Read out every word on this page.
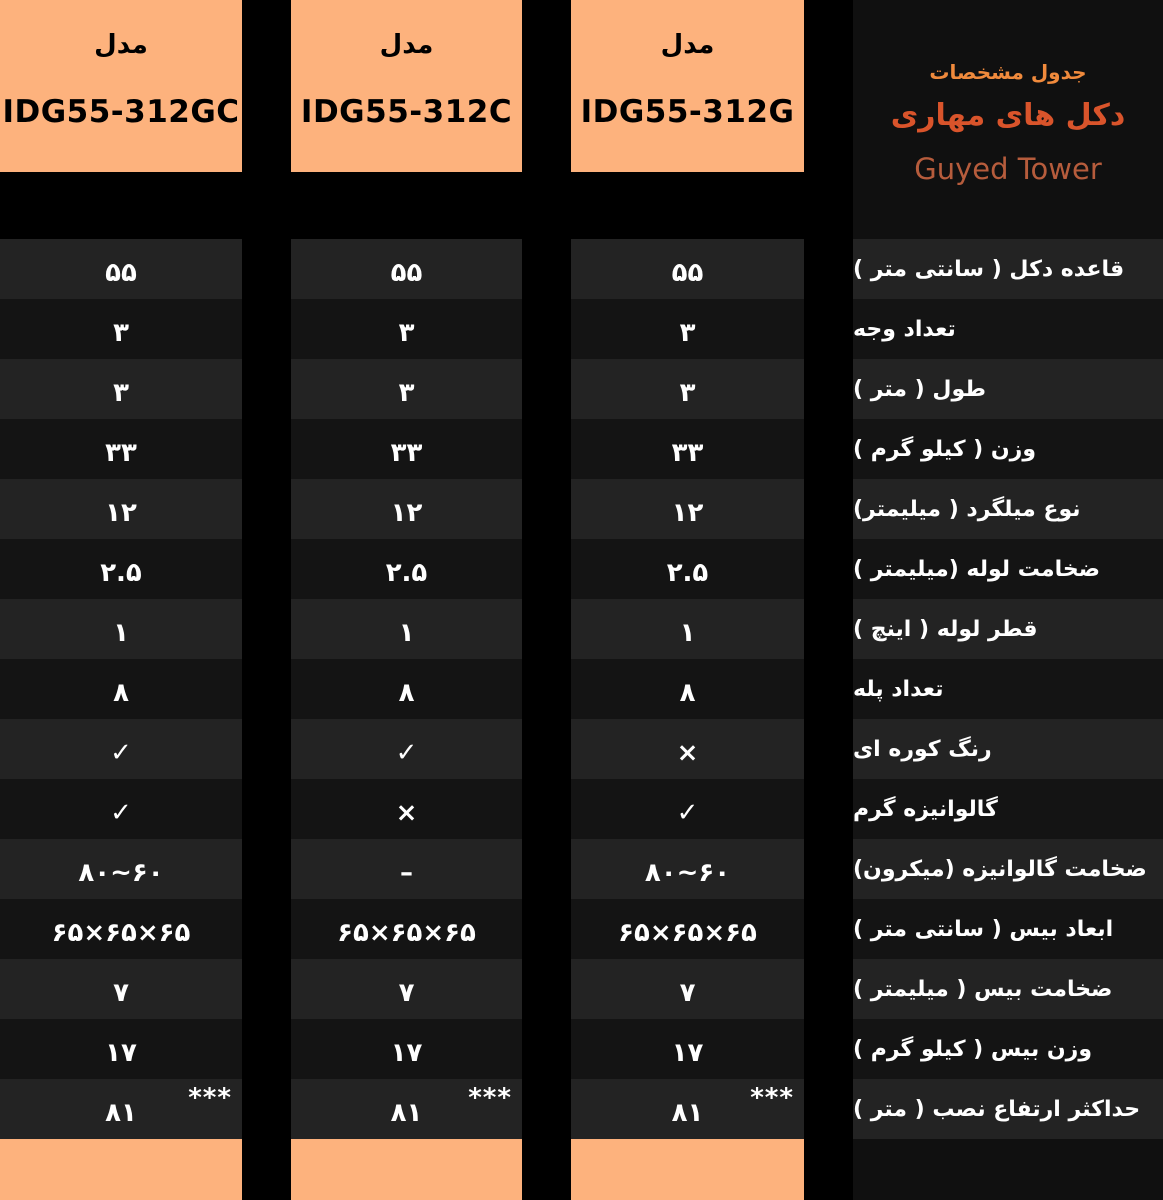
مدل
IDG55-312GC
۵۵
۳
۳
۳۳
۱۲
۲.۵
۱
۸
✓
✓
۸۰~۶۰
۶۵×۶۵×۶۵
۷
۱۷
۸۱ ***
مدل
IDG55-312C
۵۵
۳
۳
۳۳
۱۲
۲.۵
۱
۸
✓
×
–
۶۵×۶۵×۶۵
۷
۱۷
۸۱ ***
مدل
IDG55-312G
۵۵
۳
۳
۳۳
۱۲
۲.۵
۱
۸
×
✓
۸۰~۶۰
۶۵×۶۵×۶۵
۷
۱۷
۸۱ ***
جدول مشخصات
دکل های مهاری
Guyed Tower
قاعده دکل ( سانتی متر )
تعداد وجه
طول ( متر )
وزن ( کیلو گرم )
نوع میلگرد ( میلیمتر)
ضخامت لوله (میلیمتر )
قطر لوله ( اینچ )
تعداد پله
رنگ کوره ای
گالوانیزه گرم
ضخامت گالوانیزه (میکرون)
ابعاد بیس ( سانتی متر )
ضخامت بیس ( میلیمتر )
وزن بیس ( کیلو گرم )
حداکثر ارتفاع نصب ( متر )
